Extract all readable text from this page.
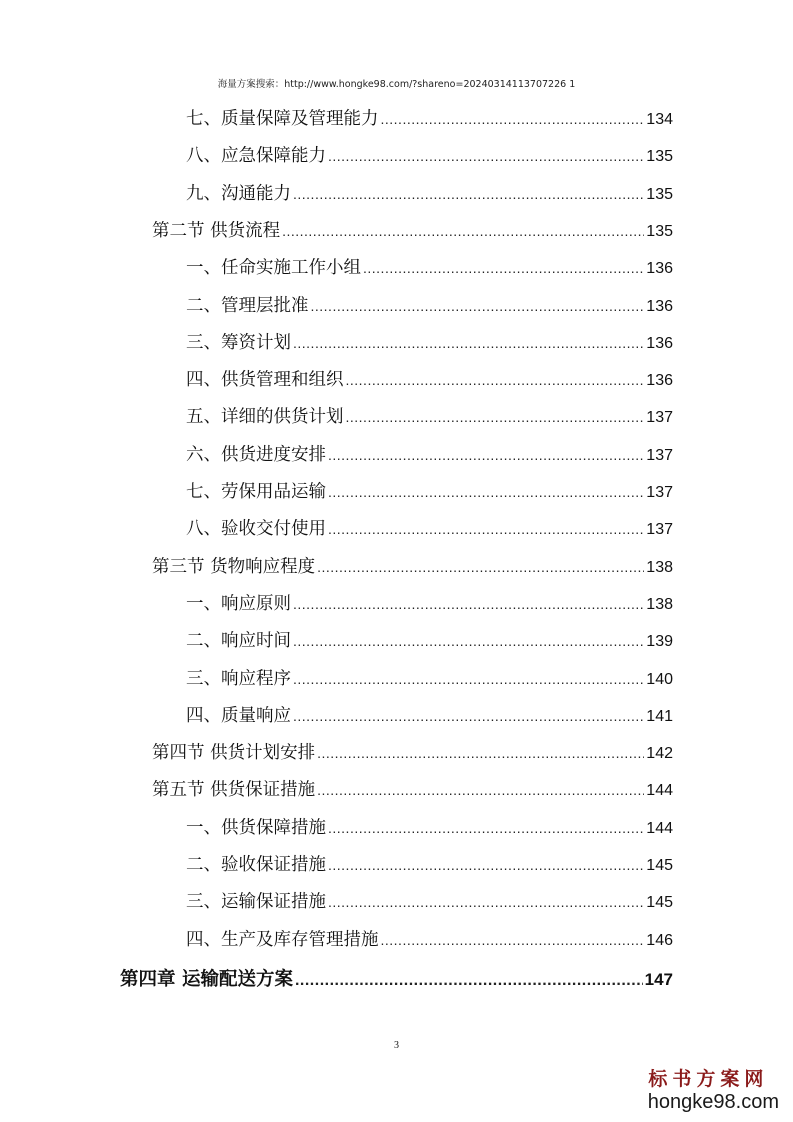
海量方案搜索：http://www.hongke98.com/?shareno=20240314113707226 1
七、 质量保障及管理能力 .....	134
八、 应急保障能力 .....	135
九、 沟通能力 .....	135
第二节 供货流程 .....	135
一、 任命实施工作小组 .....	136
二、 管理层批准 .....	136
三、 筹资计划 .....	136
四、 供货管理和组织 .....	136
五、 详细的供货计划 .....	137
六、 供货进度安排 .....	137
七、 劳保用品运输 .....	137
八、 验收交付使用 .....	137
第三节 货物响应程度 .....	138
一、 响应原则 .....	138
二、 响应时间 .....	139
三、 响应程序 .....	140
四、 质量响应 .....	141
第四节 供货计划安排 .....	142
第五节 供货保证措施 .....	144
一、 供货保障措施 .....	144
二、 验收保证措施 .....	145
三、 运输保证措施 .....	145
四、 生产及库存管理措施 .....	146
第四章 运输配送方案 .....	147
3
标书方案网
hongke98.com
